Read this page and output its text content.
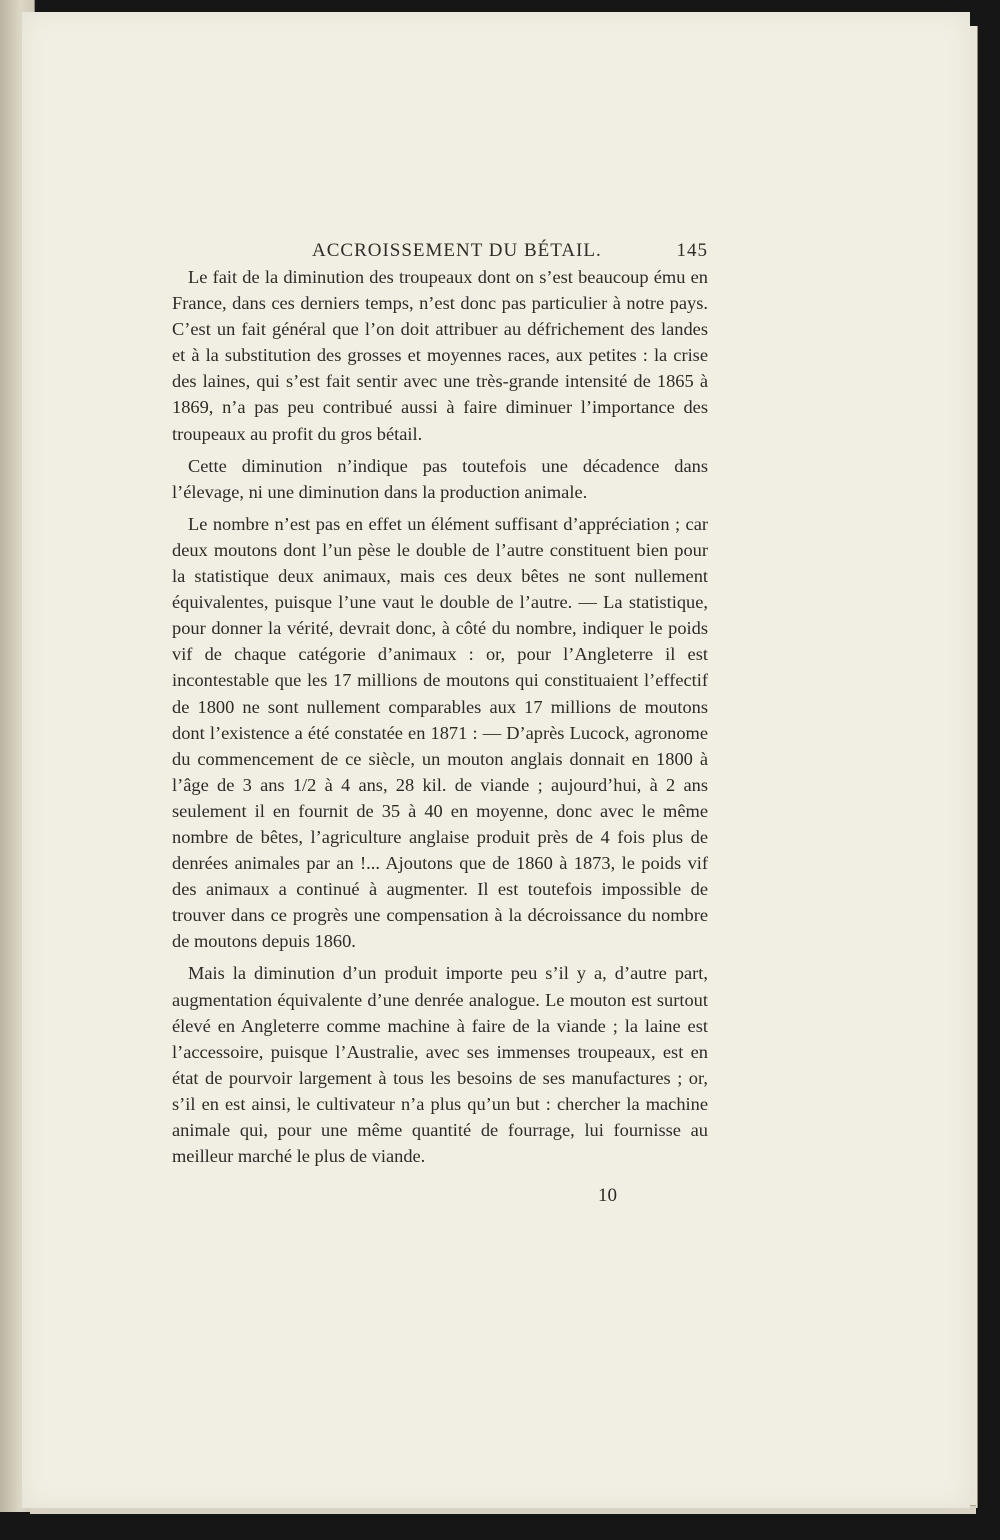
ACCROISSEMENT DU BÉTAIL.	145

Le fait de la diminution des troupeaux dont on s’est beaucoup ému en France, dans ces derniers temps, n’est donc pas particulier à notre pays. C’est un fait général que l’on doit attribuer au défrichement des landes et à la substitution des grosses et moyennes races, aux petites : la crise des laines, qui s’est fait sentir avec une très-grande intensité de 1865 à 1869, n’a pas peu contribué aussi à faire diminuer l’importance des troupeaux au profit du gros bétail.

Cette diminution n’indique pas toutefois une décadence dans l’élevage, ni une diminution dans la production animale.

Le nombre n’est pas en effet un élément suffisant d’appréciation ; car deux moutons dont l’un pèse le double de l’autre constituent bien pour la statistique deux animaux, mais ces deux bêtes ne sont nullement équivalentes, puisque l’une vaut le double de l’autre. — La statistique, pour donner la vérité, devrait donc, à côté du nombre, indiquer le poids vif de chaque catégorie d’animaux : or, pour l’Angleterre il est incontestable que les 17 millions de moutons qui constituaient l’effectif de 1800 ne sont nullement comparables aux 17 millions de moutons dont l’existence a été constatée en 1871 : — D’après Lucock, agronome du commencement de ce siècle, un mouton anglais donnait en 1800 à l’âge de 3 ans 1/2 à 4 ans, 28 kil. de viande ; aujourd’hui, à 2 ans seulement il en fournit de 35 à 40 en moyenne, donc avec le même nombre de bêtes, l’agriculture anglaise produit près de 4 fois plus de denrées animales par an !... Ajoutons que de 1860 à 1873, le poids vif des animaux a continué à augmenter. Il est toutefois impossible de trouver dans ce progrès une compensation à la décroissance du nombre de moutons depuis 1860.

Mais la diminution d’un produit importe peu s’il y a, d’autre part, augmentation équivalente d’une denrée analogue. Le mouton est surtout élevé en Angleterre comme machine à faire de la viande ; la laine est l’accessoire, puisque l’Australie, avec ses immenses troupeaux, est en état de pourvoir largement à tous les besoins de ses manufactures ; or, s’il en est ainsi, le cultivateur n’a plus qu’un but : chercher la machine animale qui, pour une même quantité de fourrage, lui fournisse au meilleur marché le plus de viande.

10
